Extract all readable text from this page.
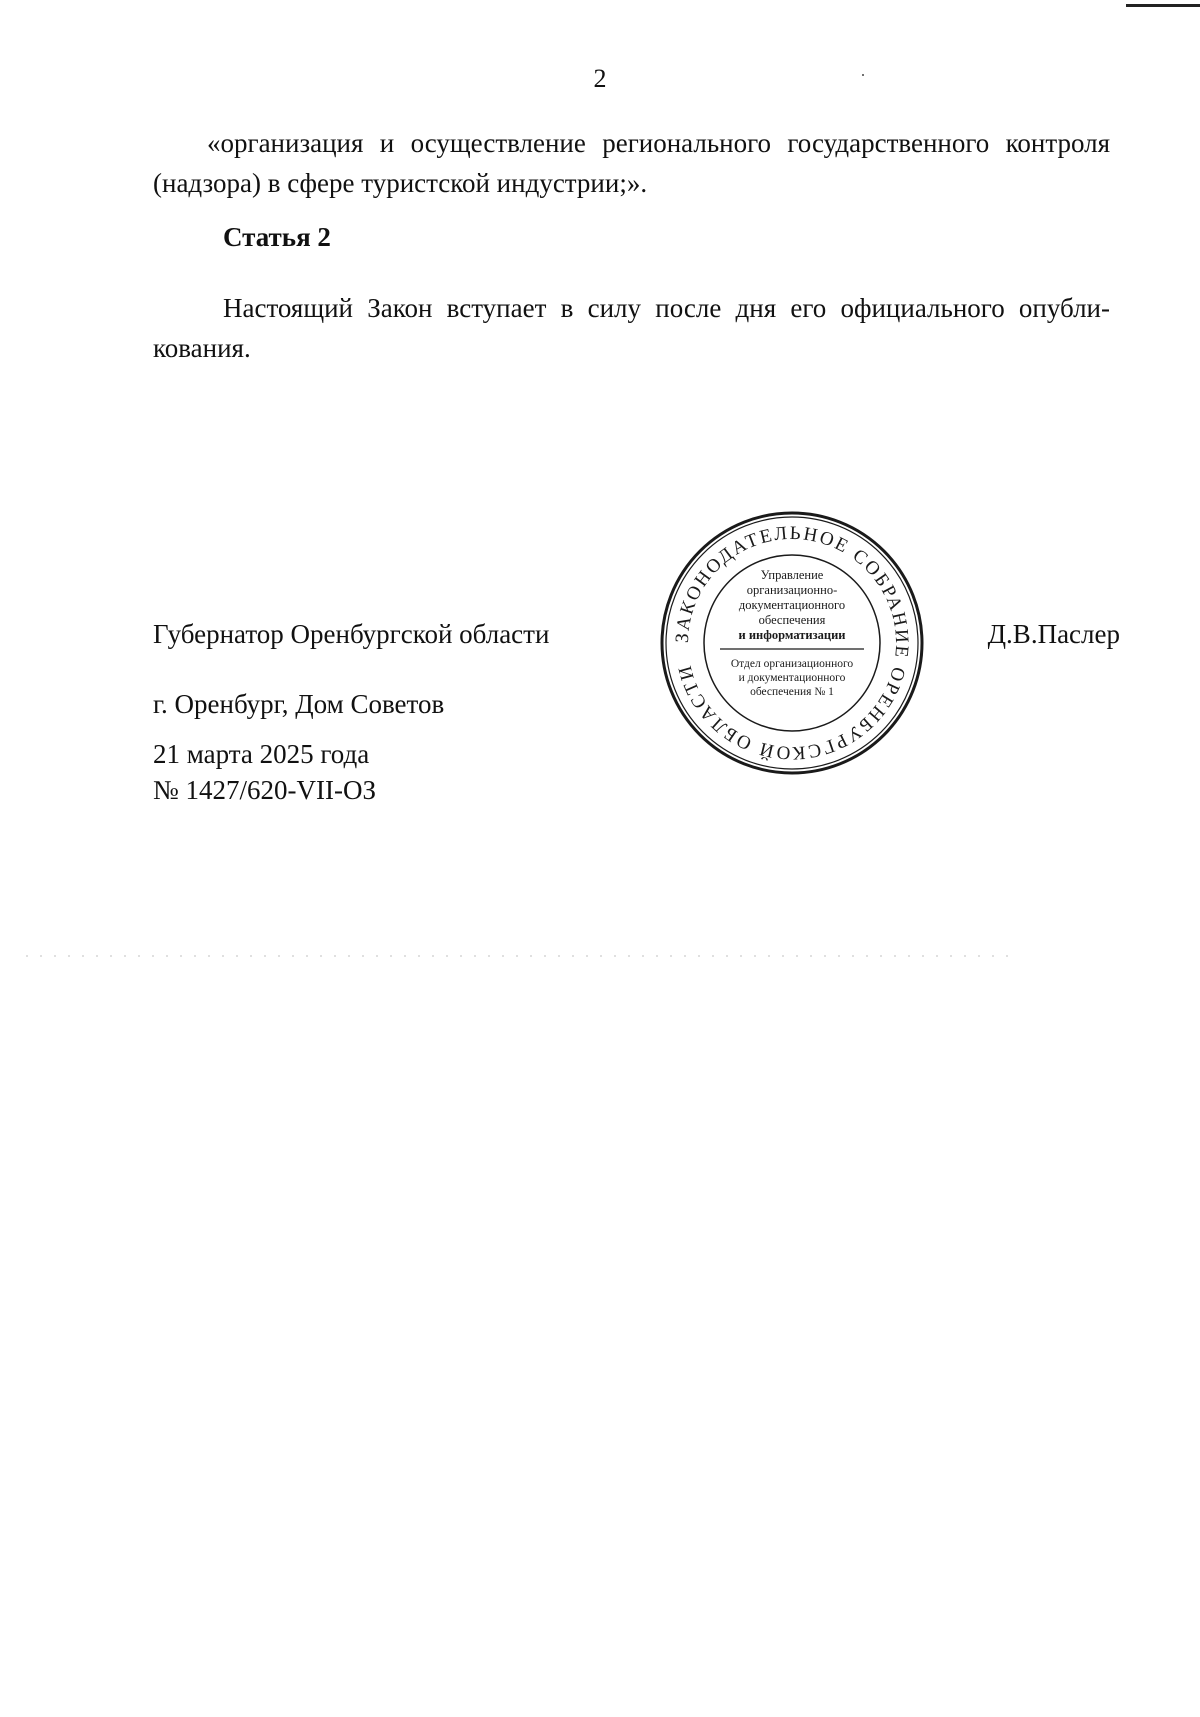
2

«организация и осуществление регионального государственного контроля (надзора) в сфере туристской индустрии;».

Статья 2

Настоящий Закон вступает в силу после дня его официального опубликования.

Губернатор Оренбургской области	Д.В.Паслер
г. Оренбург, Дом Советов
21 марта 2025 года
№ 1427/620-VII-ОЗ
ЗАКОНОДАТЕЛЬНОЕ СОБРАНИЕ ОРЕНБУРГСКОЙ ОБЛАСТИ
Управление
организационно-
документационного
обеспечения
и информатизации
Отдел организационного
и документационного
обеспечения № 1
